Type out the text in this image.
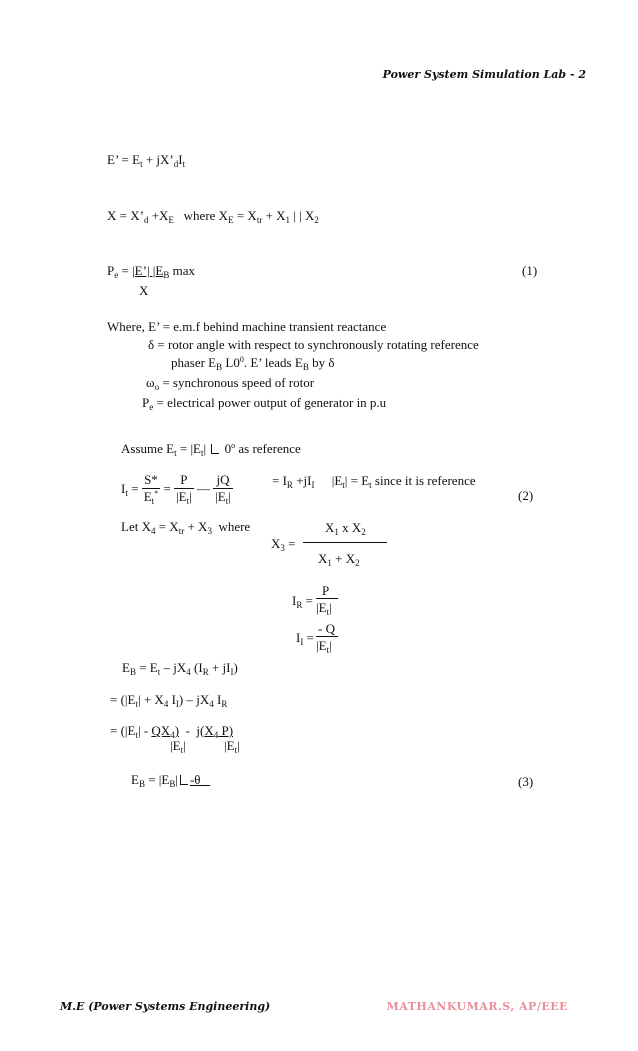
Power System Simulation Lab - 2
E’ = $E_t$ + $jX’_dI_t$
$X = X’_d +X_E$   where $X_E = X_{tr} + X_1$ | | $X_2$
$P_e$ = |E’| $|E_B$ max
X
(1)
Where, E’ = e.m.f behind machine transient reactance
δ = rotor angle with respect to synchronously rotating reference
phaser $E_B$ $L0^0$. E’ leads $E_B$ by δ
$\omega_o$ = synchronous speed of rotor
$P_e$ = electrical power output of generator in p.u
Assume $E_t = |E_t|$  0$^o$ as reference
$I_t = \frac{S*}{E_t^*} = \frac{P}{|E_t|}$ — $\frac{jQ}{|E_t|}$	= $I_R +jI_I$ $|E_t| = E_t$ since it is reference
(2)
Let $X_4 = X_{tr} + X_3$  where
$X_3$ =
$X_1$ x $X_2$
$X_1 + X_2$
$I_R$ =
P
$|E_t|$
$I_I$ =
- Q
$|E_t|$
$E_B = E_t - jX_4$ $(I_R + jI_I)$
= ($|E_t| + X_4$ $I_I) - jX_4$ $I_R$
= $(|E_t| - QX_4) - j(X_4$ P)
$|E_t|$	$|E_t|$
$E_B = |E_B|$ -θ	(3)
M.E (Power Systems Engineering)	MATHANKUMAR.S, AP/EEE
